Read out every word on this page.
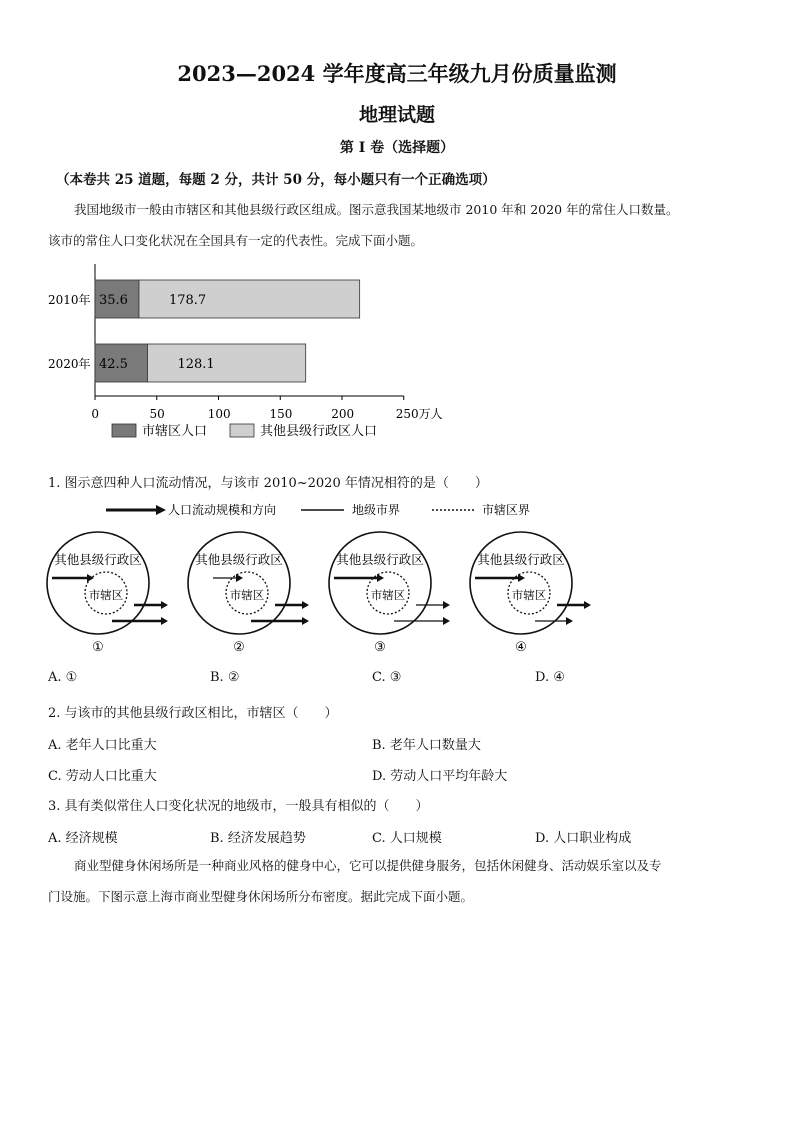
2023—2024 学年度高三年级九月份质量监测
地理试题
第 I 卷（选择题）
（本卷共 25 道题，每题 2 分，共计 50 分，每小题只有一个正确选项）
我国地级市一般由市辖区和其他县级行政区组成。图示意我国某地级市 2010 年和 2020 年的常住人口数量。
该市的常住人口变化状况在全国具有一定的代表性。完成下面小题。
0	50	100	150	200	250万人
2010年 35.6	178.7
2020年 42.5	128.1
市辖区人口	其他县级行政区人口
1. 图示意四种人口流动情况，与该市 2010~2020 年情况相符的是（　　）
人口流动规模和方向	地级市界	市辖区界
其他县级行政区
市辖区
①
其他县级行政区
市辖区
②
其他县级行政区
市辖区
③
其他县级行政区
市辖区
④
A. ①	B. ②	C. ③	D. ④
2. 与该市的其他县级行政区相比，市辖区（　　）
A. 老年人口比重大	B. 老年人口数量大
C. 劳动人口比重大	D. 劳动人口平均年龄大
3. 具有类似常住人口变化状况的地级市，一般具有相似的（　　）
A. 经济规模	B. 经济发展趋势	C. 人口规模	D. 人口职业构成
商业型健身休闲场所是一种商业风格的健身中心，它可以提供健身服务，包括休闲健身、活动娱乐室以及专
门设施。下图示意上海市商业型健身休闲场所分布密度。据此完成下面小题。
